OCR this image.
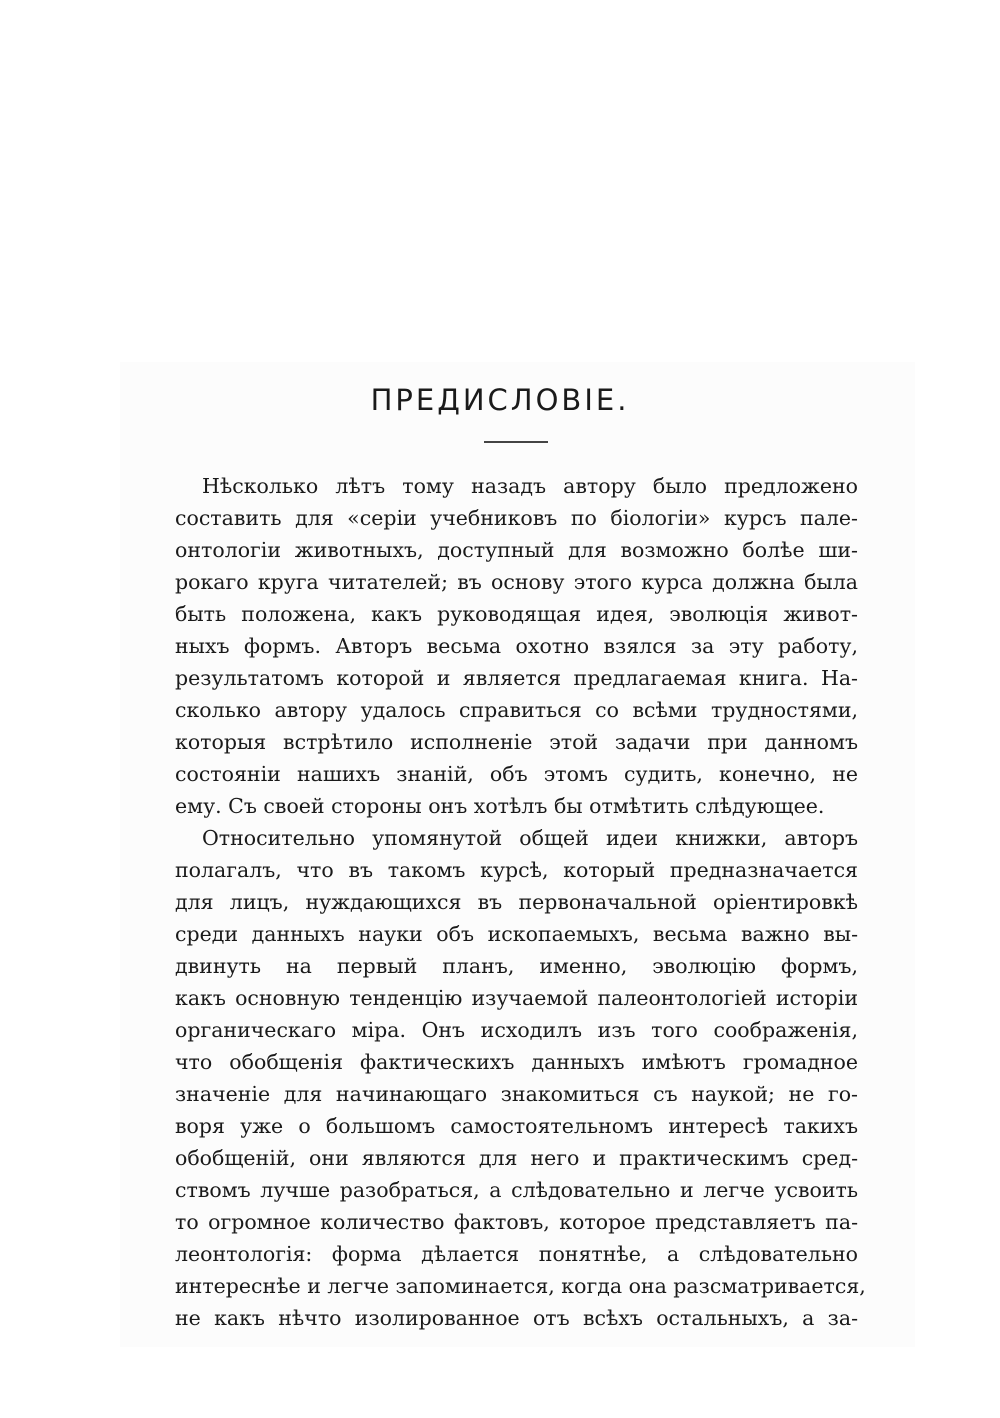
ПРЕДИСЛОВІЕ.
Нѣсколько лѣтъ тому назадъ автору было предложено
составить для «серіи учебниковъ по біологіи» курсъ пале-
онтологіи животныхъ, доступный для возможно болѣе ши-
рокаго круга читателей; въ основу этого курса должна была
быть положена, какъ руководящая идея, эволюція живот-
ныхъ формъ. Авторъ весьма охотно взялся за эту работу,
результатомъ которой и является предлагаемая книга. На-
сколько автору удалось справиться со всѣми трудностями,
которыя встрѣтило исполненіе этой задачи при данномъ
состояніи нашихъ знаній, объ этомъ судить, конечно, не
ему. Съ своей стороны онъ хотѣлъ бы отмѣтить слѣдующее.
Относительно упомянутой общей идеи книжки, авторъ
полагалъ, что въ такомъ курсѣ, который предназначается
для лицъ, нуждающихся въ первоначальной оріентировкѣ
среди данныхъ науки объ ископаемыхъ, весьма важно вы-
двинуть на первый планъ, именно, эволюцію формъ,
какъ основную тенденцію изучаемой палеонтологіей исторіи
органическаго міра. Онъ исходилъ изъ того соображенія,
что обобщенія фактическихъ данныхъ имѣютъ громадное
значеніе для начинающаго знакомиться съ наукой; не го-
воря уже о большомъ самостоятельномъ интересѣ такихъ
обобщеній, они являются для него и практическимъ сред-
ствомъ лучше разобраться, а слѣдовательно и легче усвоить
то огромное количество фактовъ, которое представляетъ па-
леонтологія: форма дѣлается понятнѣе, а слѣдовательно
интереснѣе и легче запоминается, когда она разсматривается,
не какъ нѣчто изолированное отъ всѣхъ остальныхъ, а за-
